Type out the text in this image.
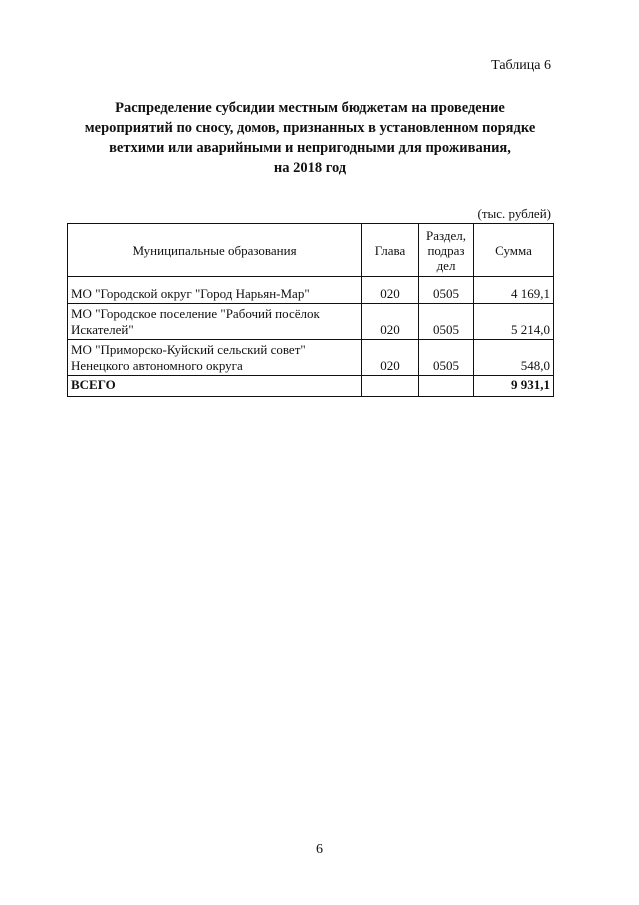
Таблица 6
Распределение субсидии местным бюджетам на проведение
мероприятий по сносу, домов, признанных в установленном порядке
ветхими или аварийными и непригодными для проживания,
на 2018 год
(тыс. рублей)
Муниципальные образования	Глава	Раздел,
подраз
дел	Сумма
МО "Городской округ "Город Нарьян-Мар"	020	0505	4 169,1
МО "Городское поселение "Рабочий посёлок
Искателей"	020	0505	5 214,0
МО "Приморско-Куйский сельский совет"
Ненецкого автономного округа	020	0505	548,0
ВСЕГО			9 931,1
6
